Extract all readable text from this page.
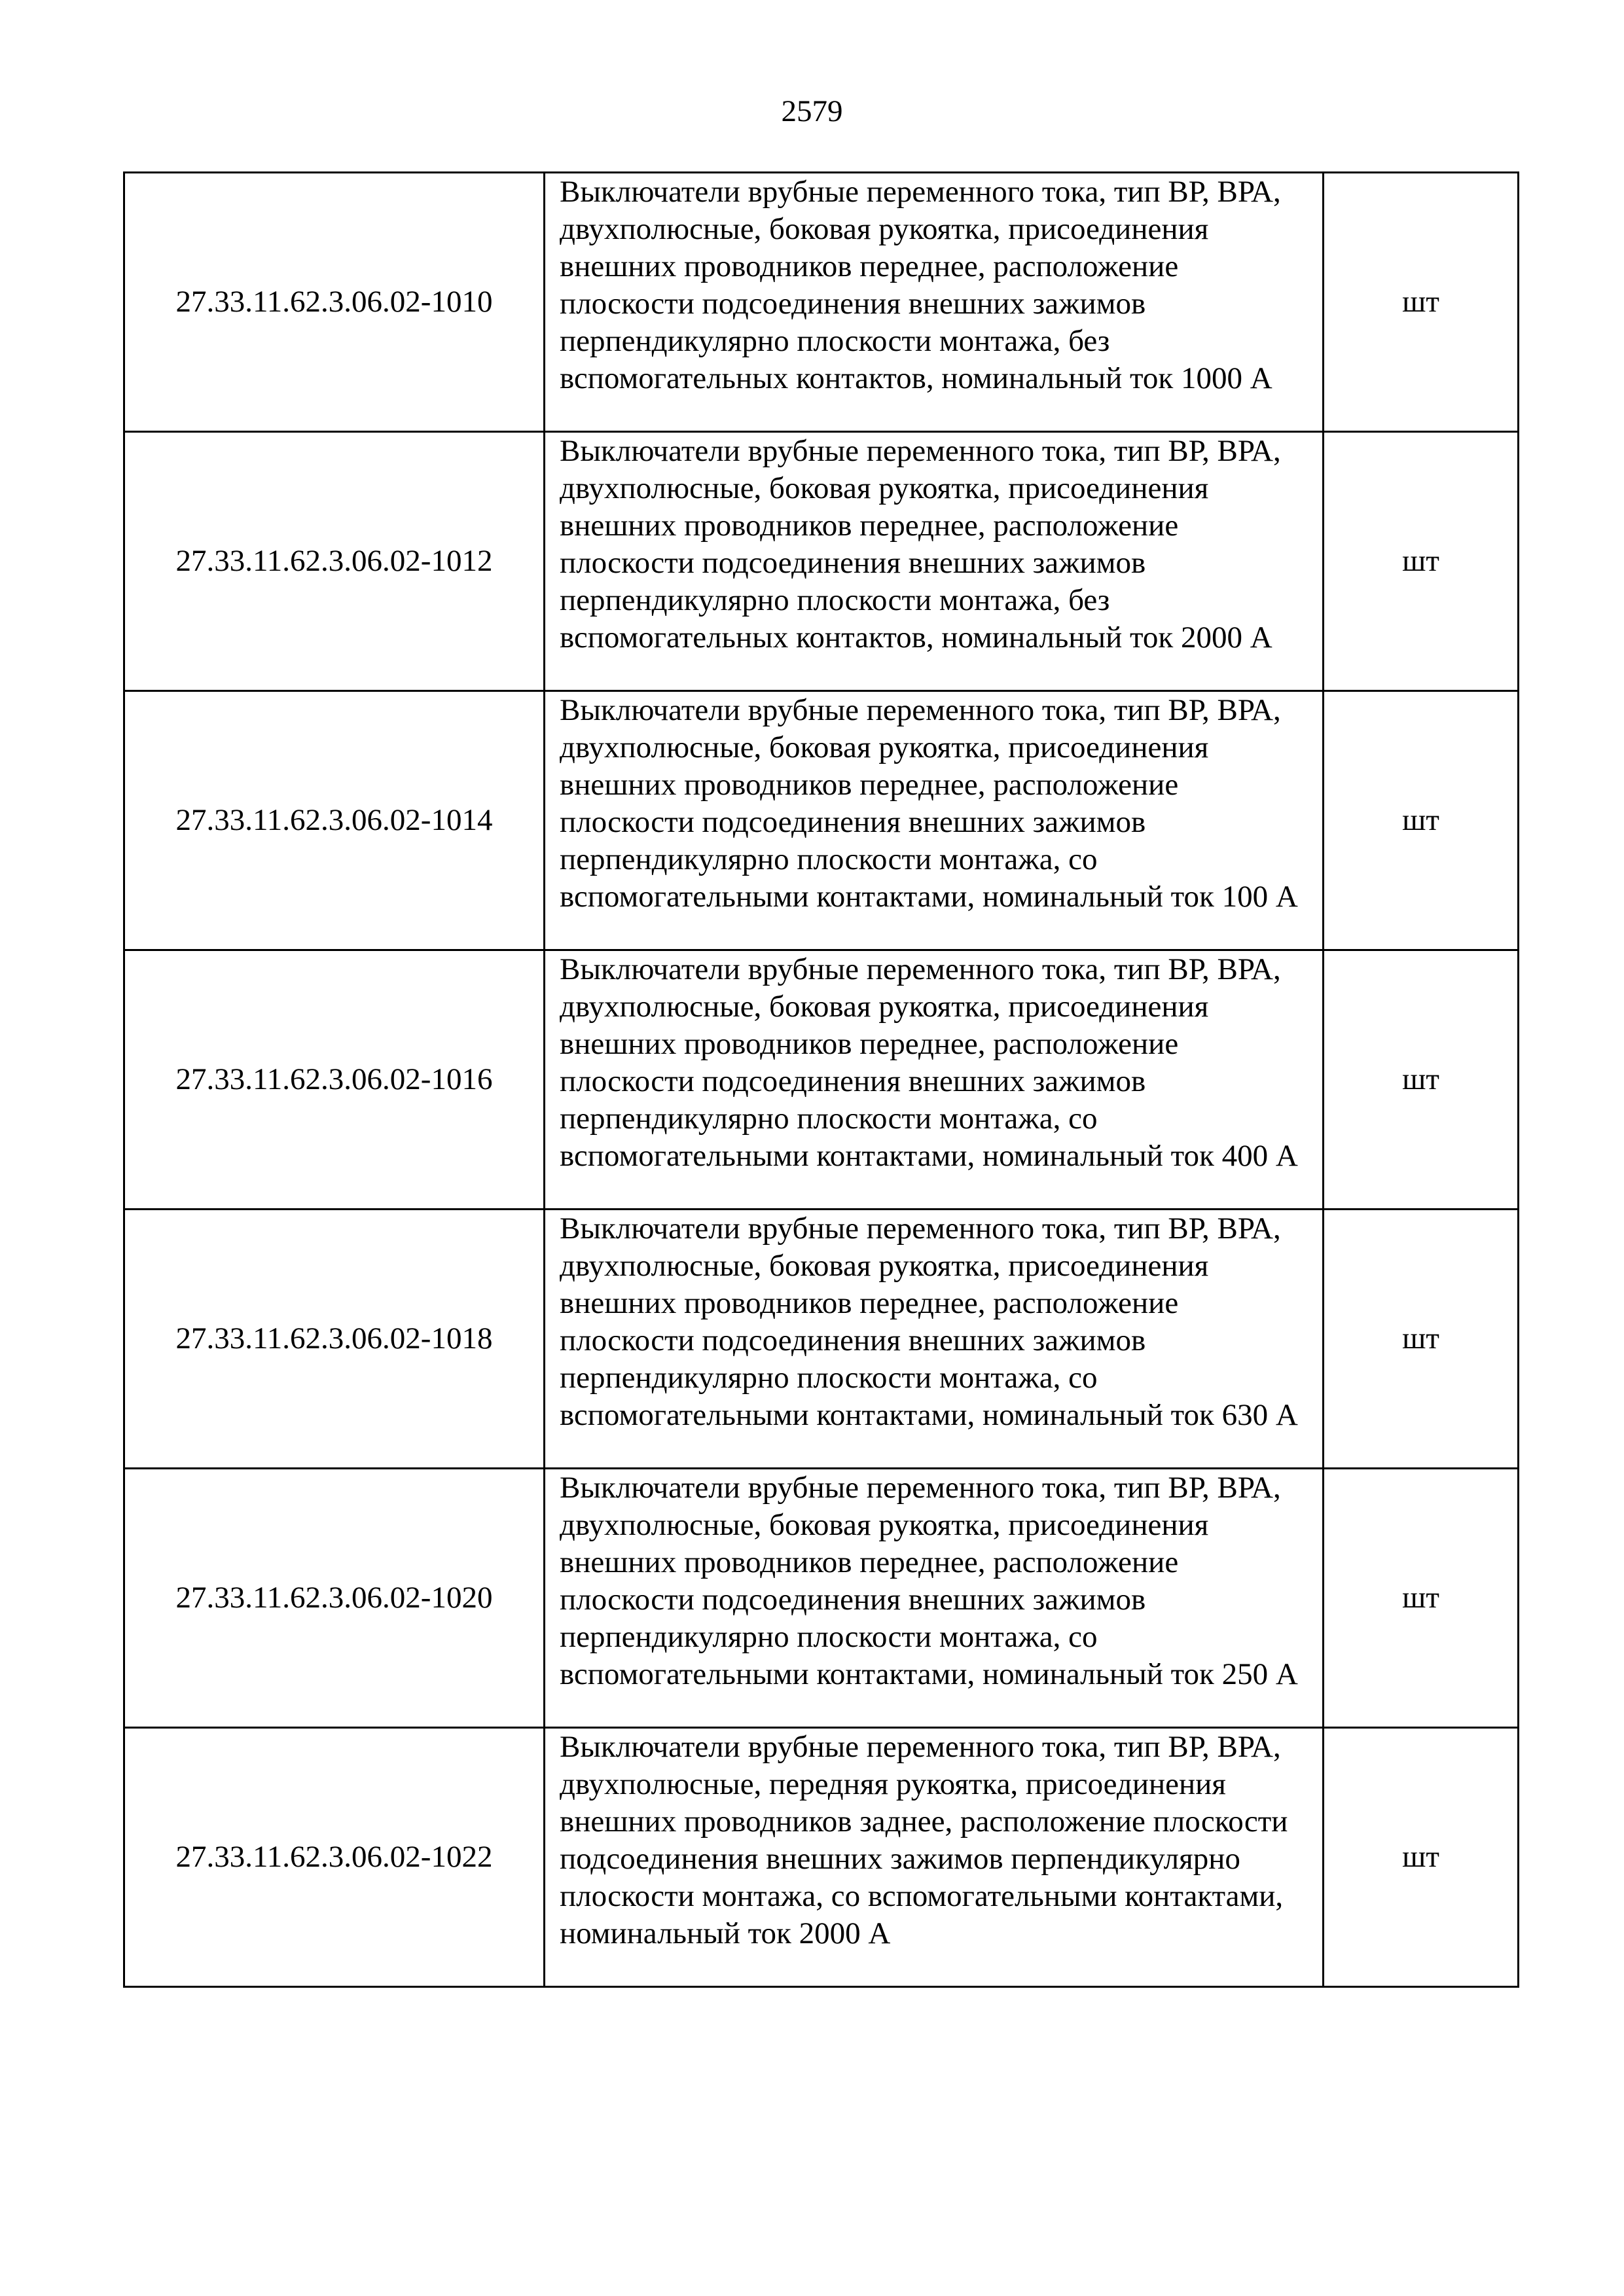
2579
27.33.11.62.3.06.02-1010	Выключатели врубные переменного тока, тип ВР, ВРА, двухполюсные, боковая рукоятка, присоединения внешних проводников переднее, расположение плоскости подсоединения внешних зажимов перпендикулярно плоскости монтажа, без вспомогательных контактов, номинальный ток 1000 А	шт
27.33.11.62.3.06.02-1012	Выключатели врубные переменного тока, тип ВР, ВРА, двухполюсные, боковая рукоятка, присоединения внешних проводников переднее, расположение плоскости подсоединения внешних зажимов перпендикулярно плоскости монтажа, без вспомогательных контактов, номинальный ток 2000 А	шт
27.33.11.62.3.06.02-1014	Выключатели врубные переменного тока, тип ВР, ВРА, двухполюсные, боковая рукоятка, присоединения внешних проводников переднее, расположение плоскости подсоединения внешних зажимов перпендикулярно плоскости монтажа, со вспомогательными контактами, номинальный ток 100 А	шт
27.33.11.62.3.06.02-1016	Выключатели врубные переменного тока, тип ВР, ВРА, двухполюсные, боковая рукоятка, присоединения внешних проводников переднее, расположение плоскости подсоединения внешних зажимов перпендикулярно плоскости монтажа, со вспомогательными контактами, номинальный ток 400 А	шт
27.33.11.62.3.06.02-1018	Выключатели врубные переменного тока, тип ВР, ВРА, двухполюсные, боковая рукоятка, присоединения внешних проводников переднее, расположение плоскости подсоединения внешних зажимов перпендикулярно плоскости монтажа, со вспомогательными контактами, номинальный ток 630 А	шт
27.33.11.62.3.06.02-1020	Выключатели врубные переменного тока, тип ВР, ВРА, двухполюсные, боковая рукоятка, присоединения внешних проводников переднее, расположение плоскости подсоединения внешних зажимов перпендикулярно плоскости монтажа, со вспомогательными контактами, номинальный ток 250 А	шт
27.33.11.62.3.06.02-1022	Выключатели врубные переменного тока, тип ВР, ВРА, двухполюсные, передняя рукоятка, присоединения внешних проводников заднее, расположение плоскости подсоединения внешних зажимов перпендикулярно плоскости монтажа, со вспомогательными контактами, номинальный ток 2000 А	шт
